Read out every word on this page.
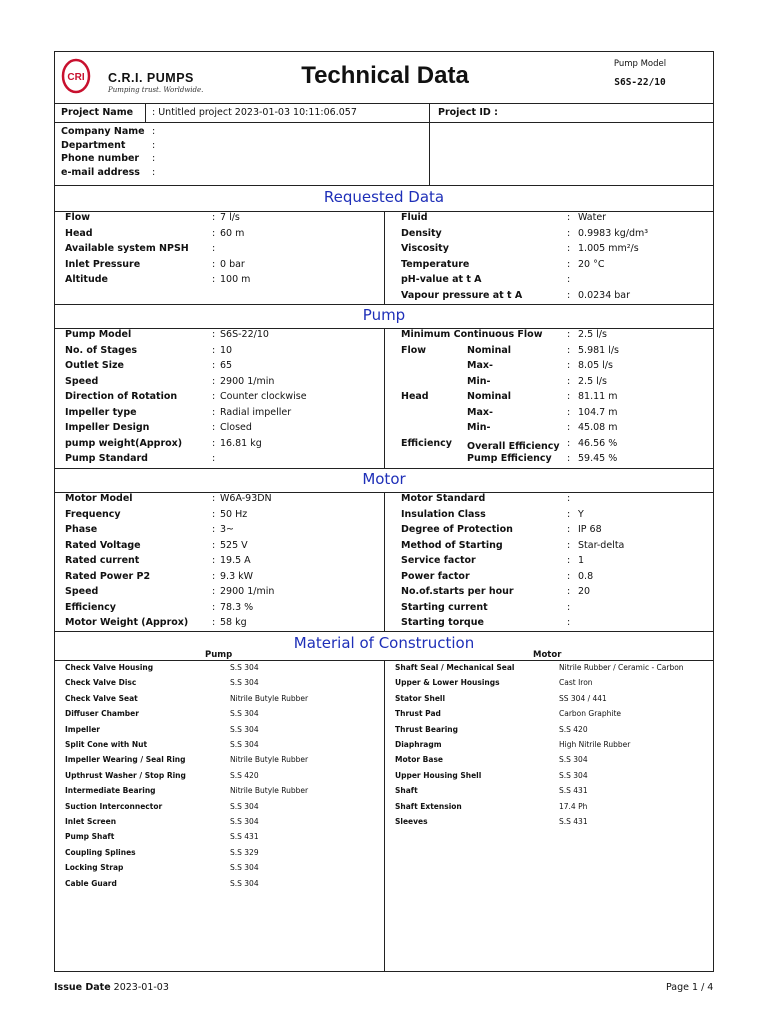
CRI C.R.I. PUMPS
Pumping trust. Worldwide.
Technical Data	Pump Model
S6S-22/10
Project Name : Untitled project 2023-01-03 10:11:06.057	Project ID :
Company Name :
Department	:
Phone number :
e-mail address :
Requested Data
Pump
Motor
Material of Construction
Pump	Motor
Flow	: 7 l/s
Head	: 60 m
Available system NPSH :
Inlet Pressure	: 0 bar
Altitude	: 100 m
Fluid	: Water
Density	: 0.9983 kg/dm³
Viscosity	: 1.005 mm²/s
Temperature	: 20 °C
pH-value at t A	:
Vapour pressure at t A	: 0.0234 bar
Pump Model	: S6S-22/10
No. of Stages	: 10
Outlet Size	: 65
Speed	: 2900 1/min
Direction of Rotation	: Counter clockwise
Impeller type	: Radial impeller
Impeller Design	: Closed
pump weight(Approx)	: 16.81 kg
Pump Standard	:
Minimum Continuous Flow	: 2.5 l/s
Flow	Nominal	: 5.981 l/s
Max-	: 8.05 l/s
Min-	: 2.5 l/s
Head	Nominal	: 81.11 m
Max-	: 104.7 m
Min-	: 45.08 m
Efficiency Overall Efficiency : 46.56 %
Pump Efficiency : 59.45 %
Motor Model	: W6A-93DN
Frequency	: 50 Hz
Phase	: 3~
Rated Voltage	: 525 V
Rated current	: 19.5 A
Rated Power P2	: 9.3 kW
Speed	: 2900 1/min
Efficiency	: 78.3 %
Motor Weight (Approx) : 58 kg
Motor Standard	:
Insulation Class	: Y
Degree of Protection	: IP 68
Method of Starting	: Star-delta
Service factor	: 1
Power factor	: 0.8
No.of.starts per hour	: 20
Starting current	:
Starting torque	:
Check Valve Housing	S.S 304
Check Valve Disc	S.S 304
Check Valve Seat	Nitrile Butyle Rubber
Diffuser Chamber	S.S 304
Impeller	S.S 304
Split Cone with Nut	S.S 304
Impeller Wearing / Seal Ring	Nitrile Butyle Rubber
Upthrust Washer / Stop Ring	S.S 420
Intermediate Bearing	Nitrile Butyle Rubber
Suction Interconnector	S.S 304
Inlet Screen	S.S 304
Pump Shaft	S.S 431
Coupling Splines	S.S 329
Locking Strap	S.S 304
Cable Guard	S.S 304
Shaft Seal / Mechanical Seal	Nitrile Rubber / Ceramic - Carbon
Upper & Lower Housings	Cast Iron
Stator Shell	SS 304 / 441
Thrust Pad	Carbon Graphite
Thrust Bearing	S.S 420
Diaphragm	High Nitrile Rubber
Motor Base	S.S 304
Upper Housing Shell	S.S 304
Shaft	S.S 431
Shaft Extension	17.4 Ph
Sleeves	S.S 431
Issue Date 2023-01-03	Page 1 / 4
